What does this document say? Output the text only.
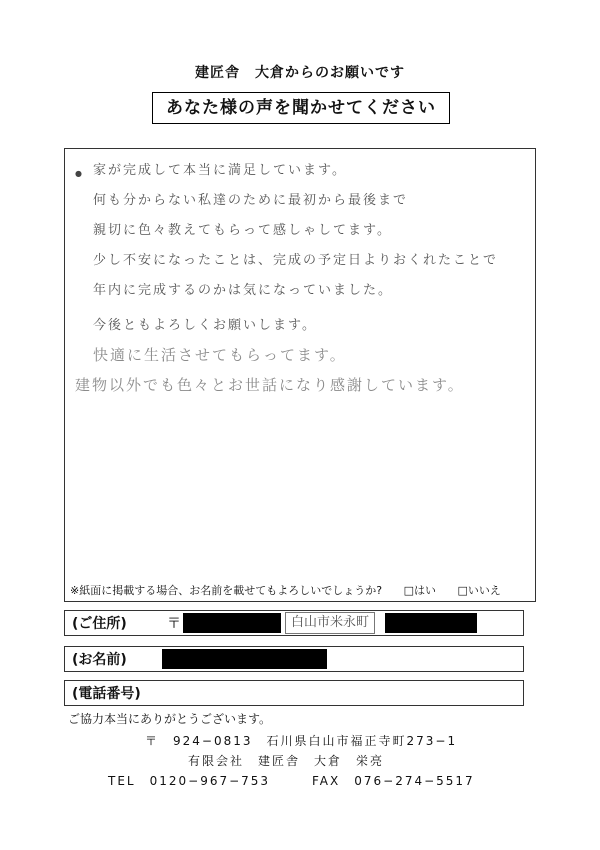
建匠舎　大倉からのお願いです
あなた様の声を聞かせてください
● 家が完成して本当に満足しています。
何も分からない私達のために最初から最後まで
親切に色々教えてもらって感しゃしてます。
少し不安になったことは、完成の予定日よりおくれたことで
年内に完成するのかは気になっていました。
今後ともよろしくお願いします。
快適に生活させてもらってます。
建物以外でも色々とお世話になり感謝しています。
※紙面に掲載する場合、お名前を載せてもよろしいでしょうか? □はい □いいえ
(ご住所)	〒	白山市米永町
(お名前)
(電話番号)
ご協力本当にありがとうございます。
〒　924−0813　石川県白山市福正寺町273−1
有限会社　建匠舎　大倉　栄亮
TEL　0120−967−753	FAX　076−274−5517
